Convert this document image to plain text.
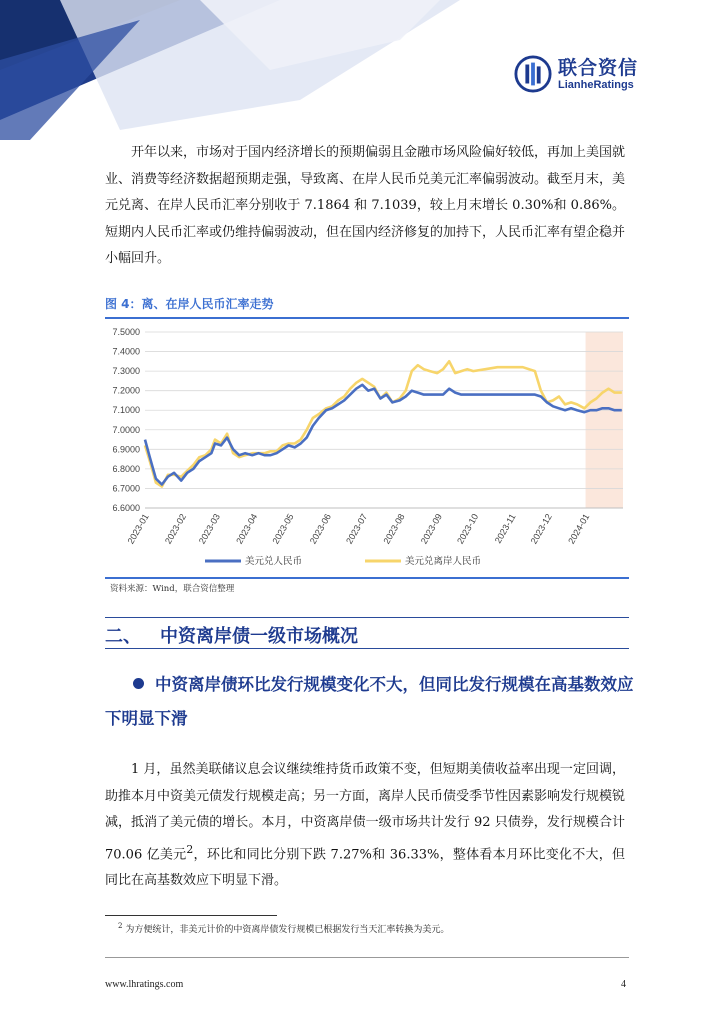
联合资信
LianheRatings
开年以来，市场对于国内经济增长的预期偏弱且金融市场风险偏好较低，再加上美国就业、消费等经济数据超预期走强，导致离、在岸人民币兑美元汇率偏弱波动。截至月末，美元兑离、在岸人民币汇率分别收于 7.1864 和 7.1039，较上月末增长 0.30%和 0.86%。短期内人民币汇率或仍维持偏弱波动，但在国内经济修复的加持下，人民币汇率有望企稳并小幅回升。
图 4：离、在岸人民币汇率走势
7.5000
7.4000
7.3000
7.2000
7.1000
7.0000
6.9000
6.8000
6.7000
6.6000
2023-01 2023-02 2023-03 2023-04 2023-05 2023-06 2023-07 2023-08 2023-09 2023-10 2023-11 2023-12 2024-01
美元兑人民币	美元兑离岸人民币
资料来源：Wind，联合资信整理
二、 中资离岸债一级市场概况
中资离岸债环比发行规模变化不大，但同比发行规模在高基数效应下明显下滑
1 月，虽然美联储议息会议继续维持货币政策不变，但短期美债收益率出现一定回调，助推本月中资美元债发行规模走高；另一方面，离岸人民币债受季节性因素影响发行规模锐减，抵消了美元债的增长。本月，中资离岸债一级市场共计发行 92 只债券，发行规模合计 70.06 亿美元$^2$，环比和同比分别下跌 7.27%和 36.33%，整体看本月环比变化不大，但同比在高基数效应下明显下滑。
$^2$ 为方便统计，非美元计价的中资离岸债发行规模已根据发行当天汇率转换为美元。
www.lhratings.com	4
